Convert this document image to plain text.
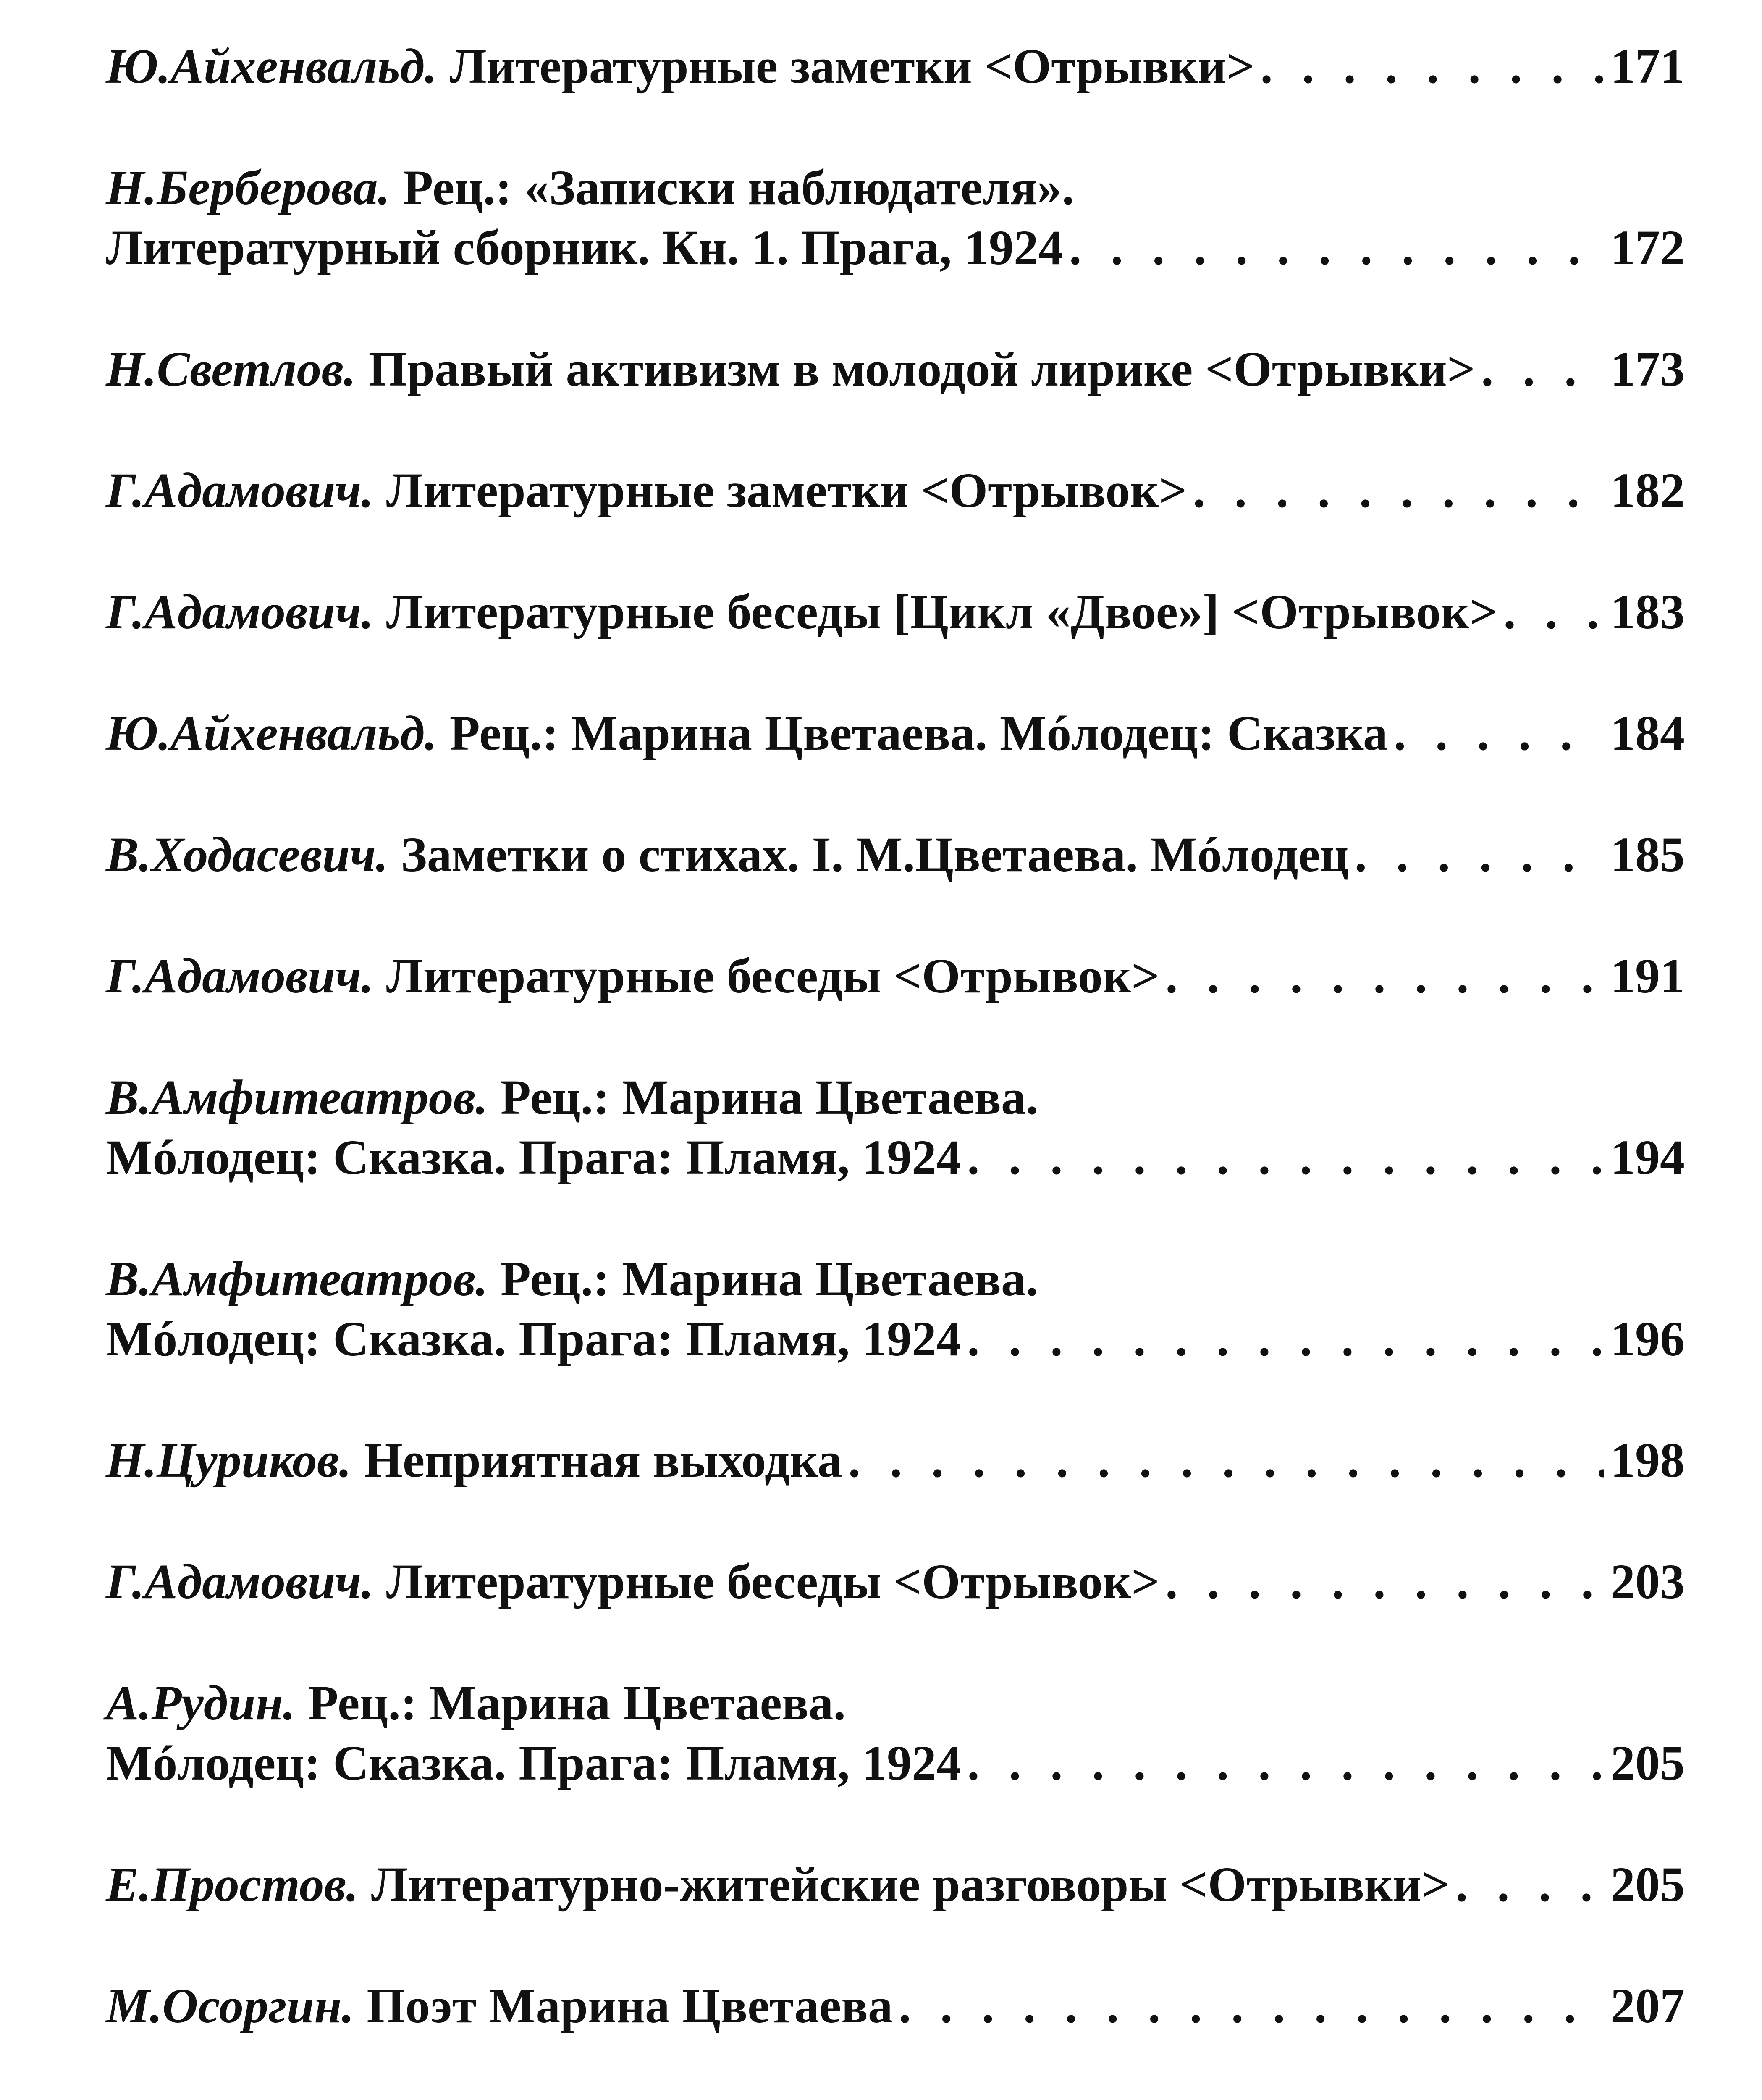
Ю.Айхенвальд. Литературные заметки <Отрывки> . . .	171
Н.Берберова. Рец.: «Записки наблюдателя».
Литературный сборник. Кн. 1. Прага, 1924 . . .	172
Н.Светлов. Правый активизм в молодой лирике <Отрывки> . . .	173
Г.Адамович. Литературные заметки <Отрывок> . . .	182
Г.Адамович. Литературные беседы [Цикл «Двое»] <Отрывок> . . . 183
Ю.Айхенвальд. Рец.: Марина Цветаева. Мóлодец: Сказка . . .	184
В.Ходасевич. Заметки о стихах. I. М.Цветаева. Мóлодец . . .	185
Г.Адамович. Литературные беседы <Отрывок> . . .	191
В.Амфитеатров. Рец.: Марина Цветаева.
Мóлодец: Сказка. Прага: Пламя, 1924 . . .	194
В.Амфитеатров. Рец.: Марина Цветаева.
Мóлодец: Сказка. Прага: Пламя, 1924 . . .	196
Н.Цуриков. Неприятная выходка . . .	198
Г.Адамович. Литературные беседы <Отрывок> . . .	203
А.Рудин. Рец.: Марина Цветаева.
Мóлодец: Сказка. Прага: Пламя, 1924 . . .	205
Е.Простов. Литературно-житейские разговоры <Отрывки> . . .	205
М.Осоргин. Поэт Марина Цветаева . . .	207
